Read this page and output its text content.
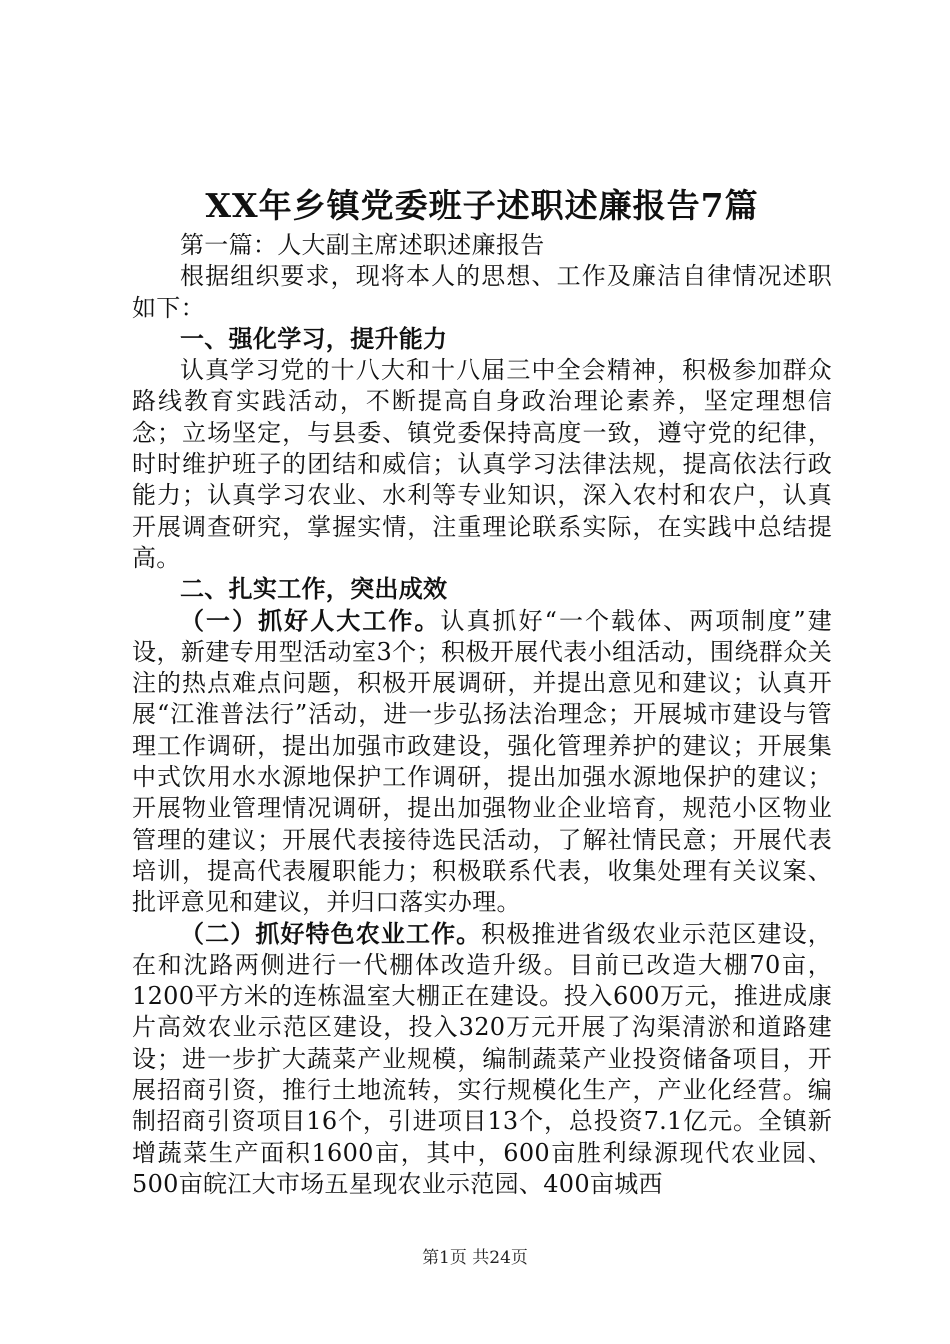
XX年乡镇党委班子述职述廉报告7篇

第一篇：人大副主席述职述廉报告

根据组织要求，现将本人的思想、工作及廉洁自律情况述职如下：

一、强化学习，提升能力

认真学习党的十八大和十八届三中全会精神，积极参加群众路线教育实践活动，不断提高自身政治理论素养，坚定理想信念；立场坚定，与县委、镇党委保持高度一致，遵守党的纪律，时时维护班子的团结和威信；认真学习法律法规，提高依法行政能力；认真学习农业、水利等专业知识，深入农村和农户，认真开展调查研究，掌握实情，注重理论联系实际，在实践中总结提高。

二、扎实工作，突出成效

（一）抓好人大工作。认真抓好“一个载体、两项制度”建设，新建专用型活动室3个；积极开展代表小组活动，围绕群众关注的热点难点问题，积极开展调研，并提出意见和建议；认真开展“江淮普法行”活动，进一步弘扬法治理念；开展城市建设与管理工作调研，提出加强市政建设，强化管理养护的建议；开展集中式饮用水水源地保护工作调研，提出加强水源地保护的建议；开展物业管理情况调研，提出加强物业企业培育，规范小区物业管理的建议；开展代表接待选民活动，了解社情民意；开展代表培训，提高代表履职能力；积极联系代表，收集处理有关议案、批评意见和建议，并归口落实办理。

（二）抓好特色农业工作。积极推进省级农业示范区建设，在和沈路两侧进行一代棚体改造升级。目前已改造大棚70亩，1200平方米的连栋温室大棚正在建设。投入600万元，推进成康片高效农业示范区建设，投入320万元开展了沟渠清淤和道路建设；进一步扩大蔬菜产业规模，编制蔬菜产业投资储备项目，开展招商引资，推行土地流转，实行规模化生产，产业化经营。编制招商引资项目16个，引进项目13个，总投资7.1亿元。全镇新增蔬菜生产面积1600亩，其中，600亩胜利绿源现代农业园、500亩皖江大市场五星现农业示范园、400亩城西

第1页 共24页
